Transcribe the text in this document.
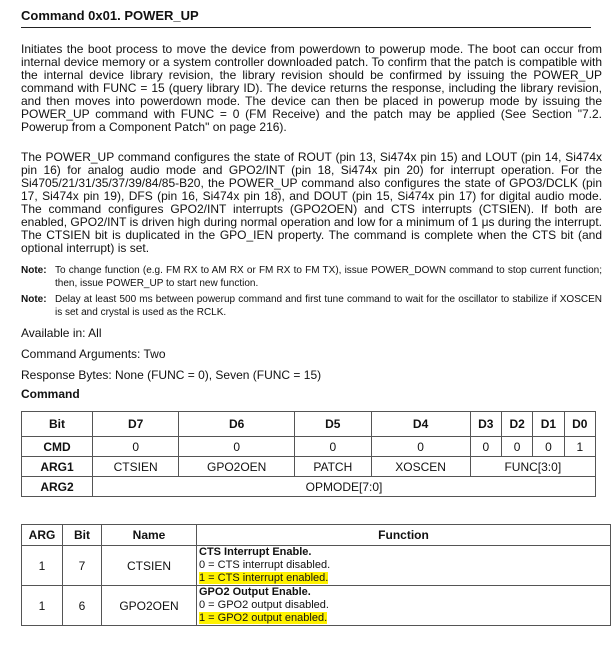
Command 0x01. POWER_UP

Initiates the boot process to move the device from powerdown to powerup mode. The boot can occur from internal device memory or a system controller downloaded patch. To confirm that the patch is compatible with the internal device library revision, the library revision should be confirmed by issuing the POWER_UP command with FUNC = 15 (query library ID). The device returns the response, including the library revision, and then moves into powerdown mode. The device can then be placed in powerup mode by issuing the POWER_UP command with FUNC = 0 (FM Receive) and the patch may be applied (See Section "7.2. Powerup from a Component Patch" on page 216).

The POWER_UP command configures the state of ROUT (pin 13, Si474x pin 15) and LOUT (pin 14, Si474x pin 16) for analog audio mode and GPO2/INT (pin 18, Si474x pin 20) for interrupt operation. For the Si4705/21/31/35/37/39/84/85-B20, the POWER_UP command also configures the state of GPO3/DCLK (pin 17, Si474x pin 19), DFS (pin 16, Si474x pin 18), and DOUT (pin 15, Si474x pin 17) for digital audio mode. The command configures GPO2/INT interrupts (GPO2OEN) and CTS interrupts (CTSIEN). If both are enabled, GPO2/INT is driven high during normal operation and low for a minimum of 1 μs during the interrupt. The CTSIEN bit is duplicated in the GPO_IEN property. The command is complete when the CTS bit (and optional interrupt) is set.

Note: To change function (e.g. FM RX to AM RX or FM RX to FM TX), issue POWER_DOWN command to stop current function; then, issue POWER_UP to start new function.
Note: Delay at least 500 ms between powerup command and first tune command to wait for the oscillator to stabilize if XOSCEN is set and crystal is used as the RCLK.
Available in: All
Command Arguments: Two
Response Bytes: None (FUNC = 0), Seven (FUNC = 15)
Command
Bit	D7	D6	D5	D4	D3	D2	D1	D0
CMD	0	0	0	0	0	0	0	1
ARG1	CTSIEN	GPO2OEN	PATCH	XOSCEN	FUNC[3:0]			
ARG2	OPMODE[7:0]							
ARG	Bit	Name	Function
1	7	CTSIEN	CTS Interrupt Enable.
0 = CTS interrupt disabled.
1 = CTS interrupt enabled.

1	6	GPO2OEN	GPO2 Output Enable.
0 = GPO2 output disabled.
1 = GPO2 output enabled.
